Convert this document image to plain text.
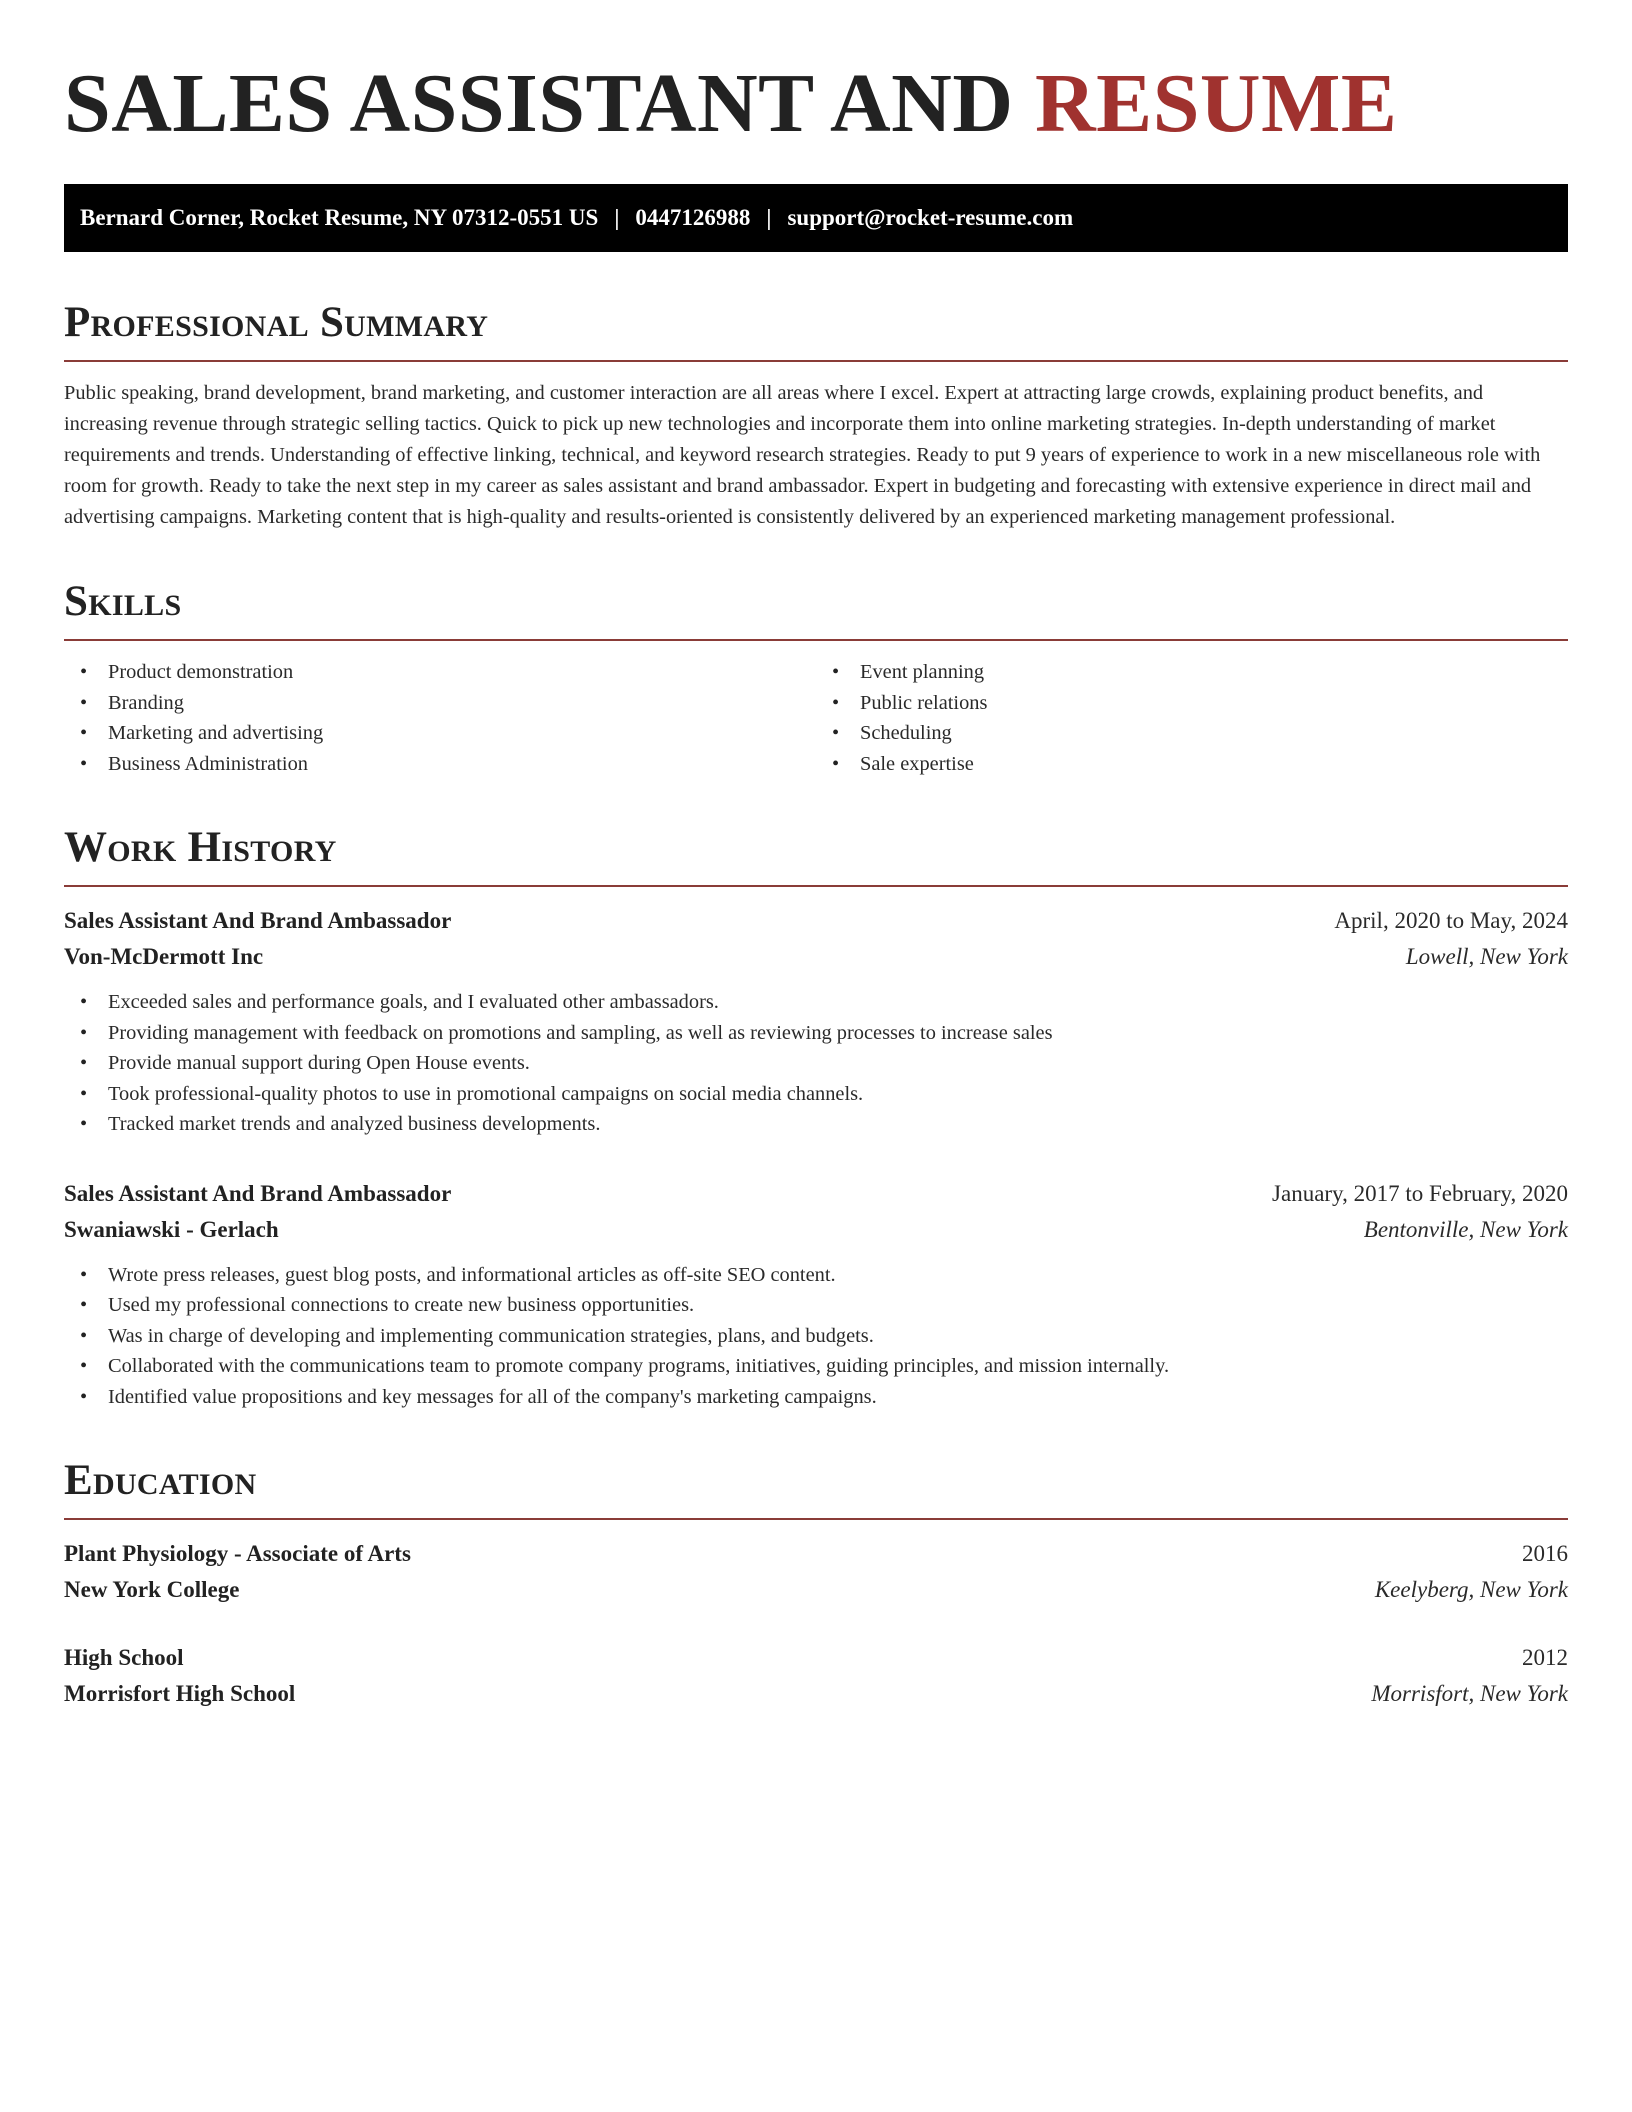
SALES ASSISTANT AND RESUME
Bernard Corner, Rocket Resume, NY 07312-0551 US | 0447126988 | support@rocket-resume.com
Professional Summary

Public speaking, brand development, brand marketing, and customer interaction are all areas where I excel. Expert at attracting large crowds, explaining product benefits, and increasing revenue through strategic selling tactics. Quick to pick up new technologies and incorporate them into online marketing strategies. In-depth understanding of market requirements and trends. Understanding of effective linking, technical, and keyword research strategies. Ready to put 9 years of experience to work in a new miscellaneous role with room for growth. Ready to take the next step in my career as sales assistant and brand ambassador. Expert in budgeting and forecasting with extensive experience in direct mail and advertising campaigns. Marketing content that is high-quality and results-oriented is consistently delivered by an experienced marketing management professional.

Skills
• Product demonstration
• Branding
• Marketing and advertising
• Business Administration
• Event planning
• Public relations
• Scheduling
• Sale expertise
Work History
Sales Assistant And Brand Ambassador	April, 2020 to May, 2024
Von-McDermott Inc	Lowell, New York
• Exceeded sales and performance goals, and I evaluated other ambassadors.
• Providing management with feedback on promotions and sampling, as well as reviewing processes to increase sales
• Provide manual support during Open House events.
• Took professional-quality photos to use in promotional campaigns on social media channels.
• Tracked market trends and analyzed business developments.
Sales Assistant And Brand Ambassador	January, 2017 to February, 2020
Swaniawski - Gerlach	Bentonville, New York
• Wrote press releases, guest blog posts, and informational articles as off-site SEO content.
• Used my professional connections to create new business opportunities.
• Was in charge of developing and implementing communication strategies, plans, and budgets.
• Collaborated with the communications team to promote company programs, initiatives, guiding principles, and mission internally.
• Identified value propositions and key messages for all of the company's marketing campaigns.
Education
Plant Physiology - Associate of Arts	2016
New York College	Keelyberg, New York
High School	2012
Morrisfort High School	Morrisfort, New York
